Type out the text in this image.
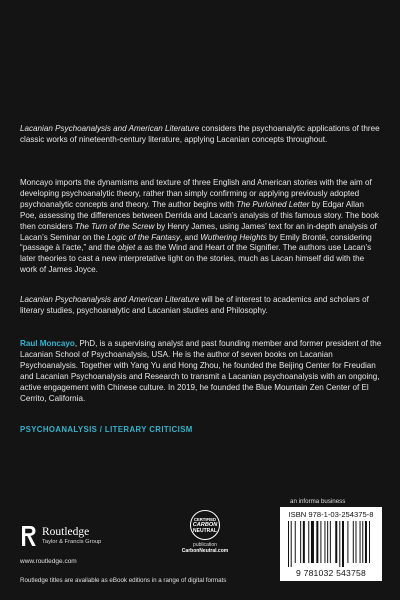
Lacanian Psychoanalysis and American Literature considers the psychoanalytic applications of three classic works of nineteenth-century literature, applying Lacanian concepts throughout.

Moncayo imports the dynamisms and texture of three English and American stories with the aim of developing psychoanalytic theory, rather than simply confirming or applying previously adopted psychoanalytic concepts and theory. The author begins with The Purloined Letter by Edgar Allan Poe, assessing the differences between Derrida and Lacan’s analysis of this famous story. The book then considers The Turn of the Screw by Henry James, using James’ text for an in-depth analysis of Lacan’s Seminar on the Logic of the Fantasy, and Wuthering Heights by Emily Brontë, considering “passage à l’acte,” and the objet a as the Wind and Heart of the Signifier. The authors use Lacan’s later theories to cast a new interpretative light on the stories, much as Lacan himself did with the work of James Joyce.

Lacanian Psychoanalysis and American Literature will be of interest to academics and scholars of literary studies, psychoanalytic and Lacanian studies and Philosophy.

Raul Moncayo, PhD, is a supervising analyst and past founding member and former president of the Lacanian School of Psychoanalysis, USA. He is the author of seven books on Lacanian Psychoanalysis. Together with Yang Yu and Hong Zhou, he founded the Beijing Center for Freudian and Lacanian Psychoanalysis and Research to transmit a Lacanian psychoanalysis with an ongoing, active engagement with Chinese culture. In 2019, he founded the Blue Mountain Zen Center of El Cerrito, California.

PSYCHOANALYSIS / LITERARY CRITICISM
Routledge
Taylor & Francis Group
www.routledge.com
CERTIFIED
CARBON
NEUTRAL
publication
CarbonNeutral.com
an informa business
ISBN 978-1-03-254375-8
9 781032 543758
Routledge titles are available as eBook editions in a range of digital formats
